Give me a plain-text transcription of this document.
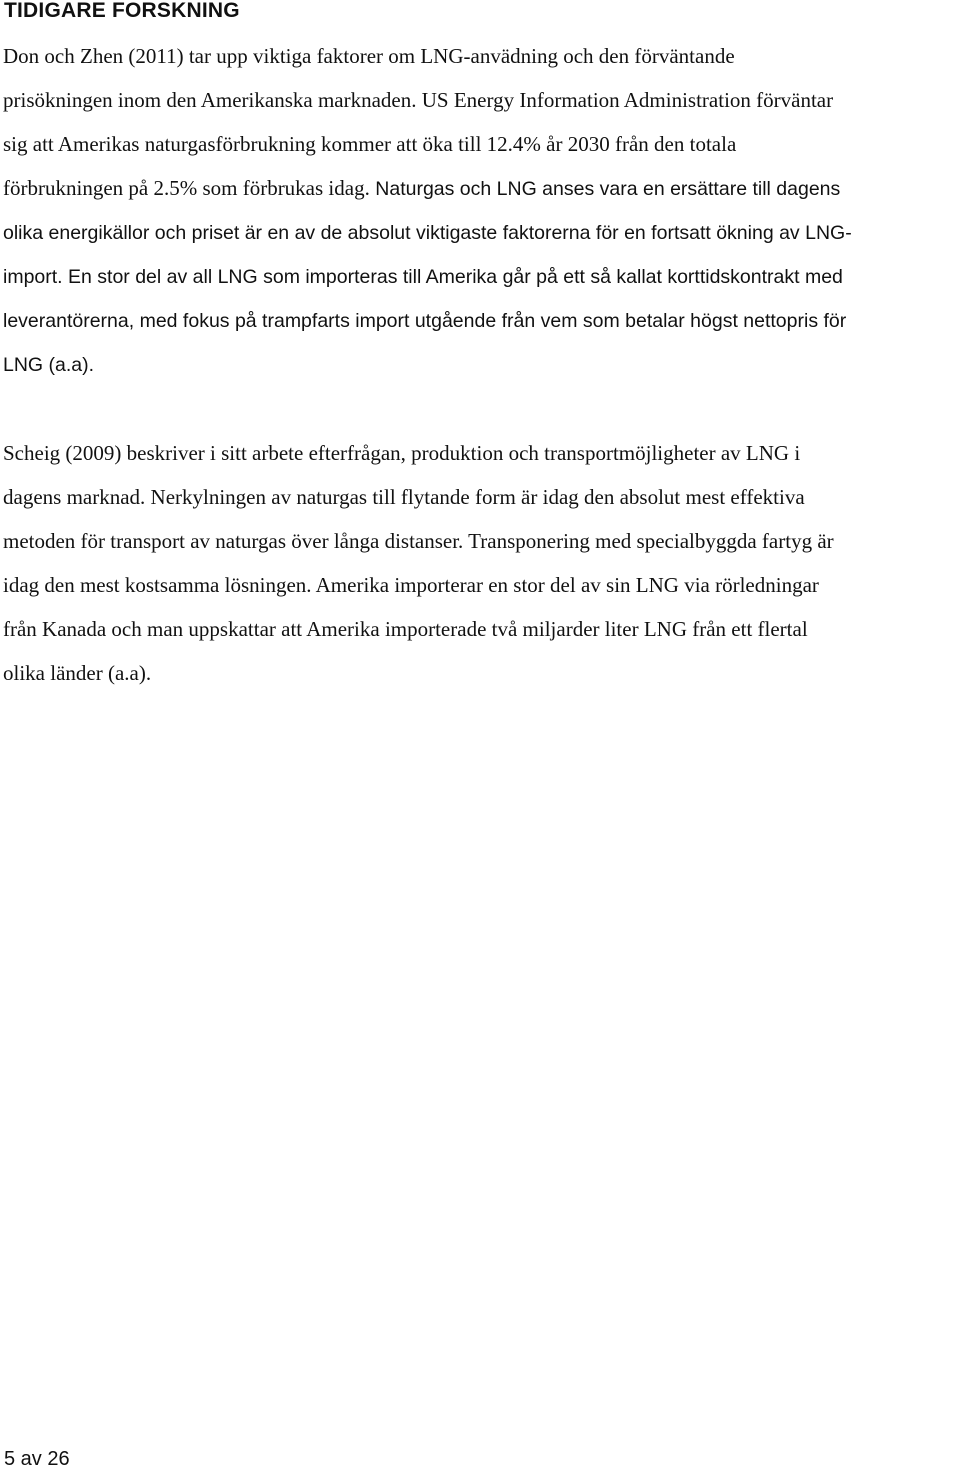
TIDIGARE FORSKNING

Don och Zhen (2011) tar upp viktiga faktorer om LNG-anvädning och den förväntande

prisökningen inom den Amerikanska marknaden. US Energy Information Administration förväntar

sig att Amerikas naturgasförbrukning kommer att öka till 12.4% år 2030 från den totala

förbrukningen på 2.5% som förbrukas idag. Naturgas och LNG anses vara en ersättare till dagens

olika energikällor och priset är en av de absolut viktigaste faktorerna för en fortsatt ökning av LNG-

import. En stor del av all LNG som importeras till Amerika går på ett så kallat korttidskontrakt med

leverantörerna, med fokus på trampfarts import utgående från vem som betalar högst nettopris för

LNG (a.a).

Scheig (2009) beskriver i sitt arbete efterfrågan, produktion och transportmöjligheter av LNG i

dagens marknad. Nerkylningen av naturgas till flytande form är idag den absolut mest effektiva

metoden för transport av naturgas över långa distanser. Transponering med specialbyggda fartyg är

idag den mest kostsamma lösningen. Amerika importerar en stor del av sin LNG via rörledningar

från Kanada och man uppskattar att Amerika importerade två miljarder liter LNG från ett flertal

olika länder (a.a).

5 av 26
